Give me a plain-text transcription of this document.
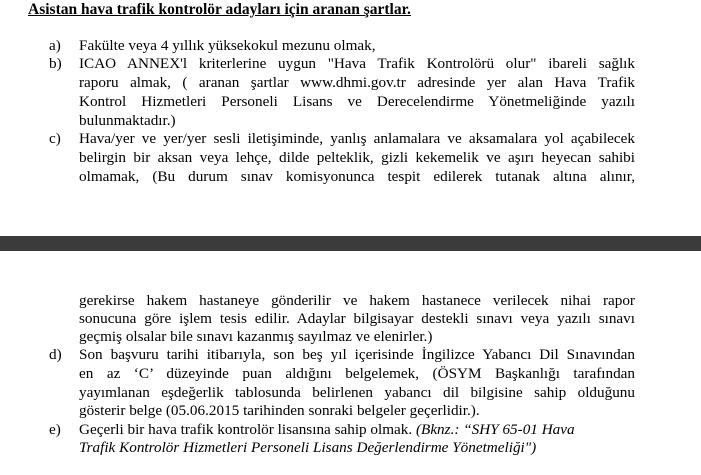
Asistan hava trafik kontrolör adayları için aranan şartlar.
a) Fakülte veya 4 yıllık yüksekokul mezunu olmak,
b) ICAO ANNEX'l kriterlerine uygun "Hava Trafik Kontrolörü olur" ibareli sağlık
raporu almak, ( aranan şartlar www.dhmi.gov.tr adresinde yer alan Hava Trafik
Kontrol Hizmetleri Personeli Lisans ve Derecelendirme Yönetmeliğinde yazılı
bulunmaktadır.)
c) Hava/yer ve yer/yer sesli iletişiminde, yanlış anlamalara ve aksamalara yol açabilecek
belirgin bir aksan veya lehçe, dilde pelteklik, gizli kekemelik ve aşırı heyecan sahibi
olmamak, (Bu durum sınav komisyonunca tespit edilerek tutanak altına alınır,
gerekirse hakem hastaneye gönderilir ve hakem hastanece verilecek nihai rapor
sonucuna göre işlem tesis edilir. Adaylar bilgisayar destekli sınavı veya yazılı sınavı
geçmiş olsalar bile sınavı kazanmış sayılmaz ve elenirler.)
d) Son başvuru tarihi itibarıyla, son beş yıl içerisinde İngilizce Yabancı Dil Sınavından
en az ‘C’ düzeyinde puan aldığını belgelemek, (ÖSYM Başkanlığı tarafından
yayımlanan eşdeğerlik tablosunda belirlenen yabancı dil bilgisine sahip olduğunu
gösterir belge (05.06.2015 tarihinden sonraki belgeler geçerlidir.).
e) Geçerli bir hava trafik kontrolör lisansına sahip olmak. (Bknz.: “SHY 65-01 Hava
Trafik Kontrolör Hizmetleri Personeli Lisans Değerlendirme Yönetmeliği")
